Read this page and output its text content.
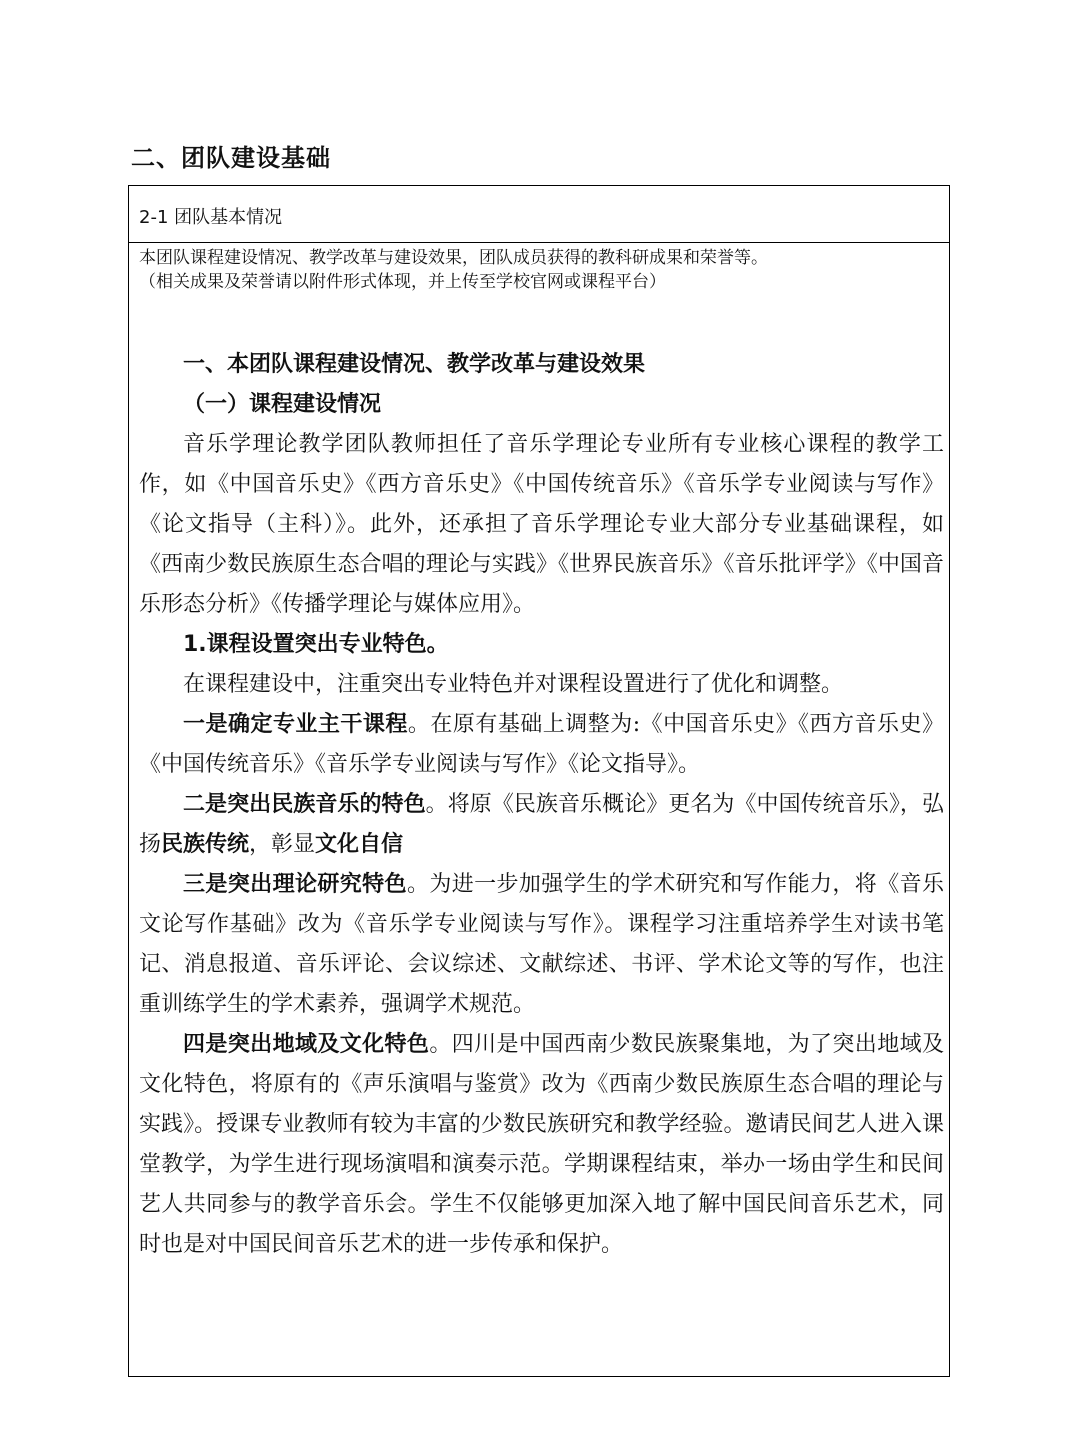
二、团队建设基础
2-1 团队基本情况
本团队课程建设情况、教学改革与建设效果，团队成员获得的教科研成果和荣誉等。
（相关成果及荣誉请以附件形式体现，并上传至学校官网或课程平台）

一、本团队课程建设情况、教学改革与建设效果

（一）课程建设情况

音乐学理论教学团队教师担任了音乐学理论专业所有专业核心课程的教学工作，如《中国音乐史》《西方音乐史》《中国传统音乐》《音乐学专业阅读与写作》《论文指导（主科）》。此外，还承担了音乐学理论专业大部分专业基础课程，如《西南少数民族原生态合唱的理论与实践》《世界民族音乐》《音乐批评学》《中国音乐形态分析》《传播学理论与媒体应用》。

1.课程设置突出专业特色。

在课程建设中，注重突出专业特色并对课程设置进行了优化和调整。

一是确定专业主干课程。在原有基础上调整为:《中国音乐史》《西方音乐史》《中国传统音乐》《音乐学专业阅读与写作》《论文指导》。

二是突出民族音乐的特色。将原《民族音乐概论》更名为《中国传统音乐》，弘扬民族传统，彰显文化自信

三是突出理论研究特色。为进一步加强学生的学术研究和写作能力，将《音乐文论写作基础》改为《音乐学专业阅读与写作》。课程学习注重培养学生对读书笔记、消息报道、音乐评论、会议综述、文献综述、书评、学术论文等的写作，也注重训练学生的学术素养，强调学术规范。

四是突出地域及文化特色。四川是中国西南少数民族聚集地，为了突出地域及文化特色，将原有的《声乐演唱与鉴赏》改为《西南少数民族原生态合唱的理论与实践》。授课专业教师有较为丰富的少数民族研究和教学经验。邀请民间艺人进入课堂教学，为学生进行现场演唱和演奏示范。学期课程结束，举办一场由学生和民间艺人共同参与的教学音乐会。学生不仅能够更加深入地了解中国民间音乐艺术，同时也是对中国民间音乐艺术的进一步传承和保护。
